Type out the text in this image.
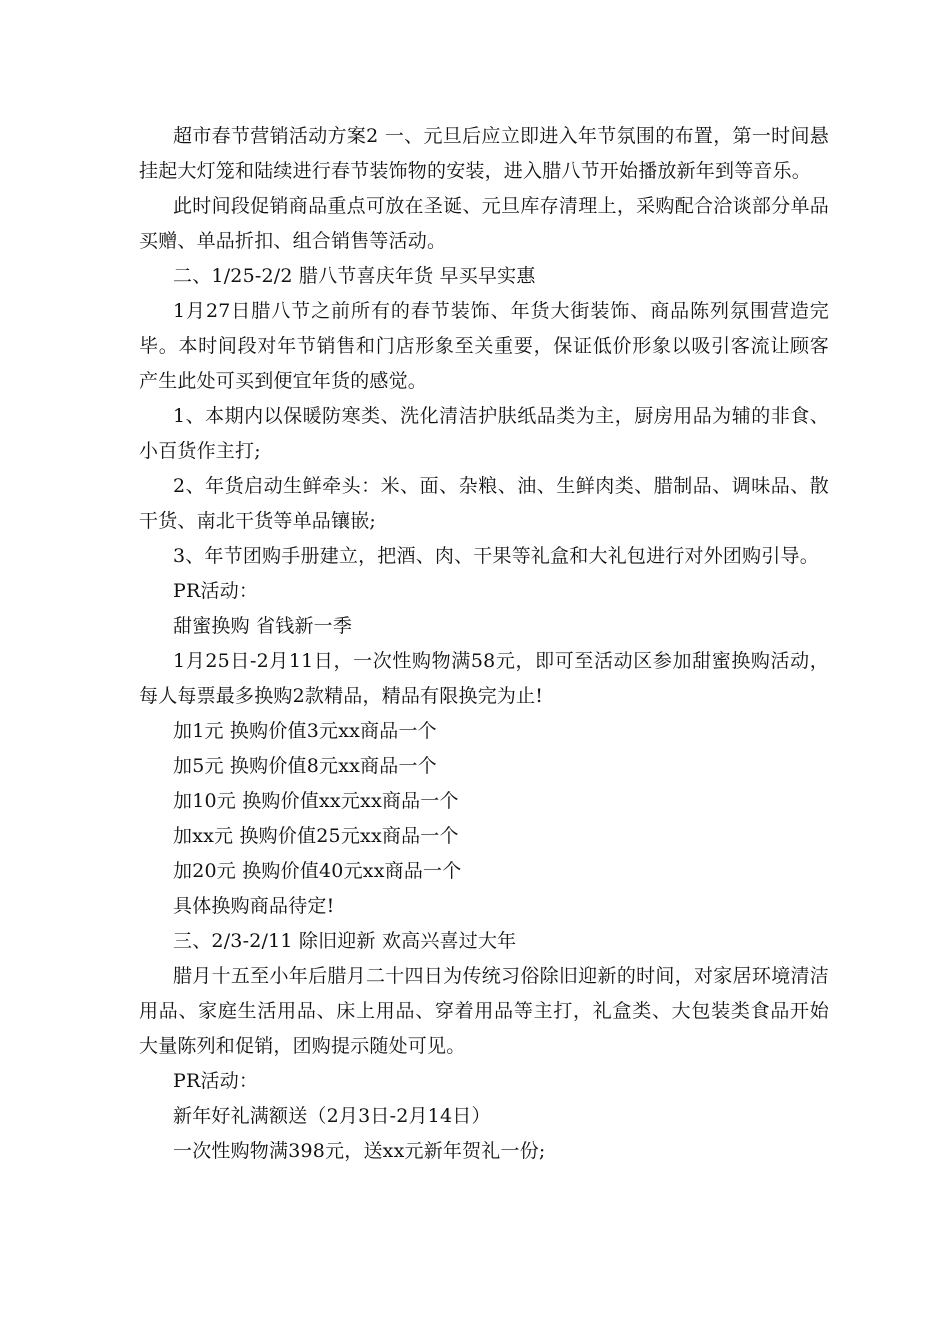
超市春节营销活动方案2 一、元旦后应立即进入年节氛围的布置，第一时间悬挂起大灯笼和陆续进行春节装饰物的安装，进入腊八节开始播放新年到等音乐。

此时间段促销商品重点可放在圣诞、元旦库存清理上，采购配合洽谈部分单品买赠、单品折扣、组合销售等活动。

二、1/25-2/2 腊八节喜庆年货 早买早实惠

1月27日腊八节之前所有的春节装饰、年货大街装饰、商品陈列氛围营造完毕。本时间段对年节销售和门店形象至关重要，保证低价形象以吸引客流让顾客产生此处可买到便宜年货的感觉。

1、本期内以保暖防寒类、洗化清洁护肤纸品类为主，厨房用品为辅的非食、小百货作主打;

2、年货启动生鲜牵头：米、面、杂粮、油、生鲜肉类、腊制品、调味品、散干货、南北干货等单品镶嵌;

3、年节团购手册建立，把酒、肉、干果等礼盒和大礼包进行对外团购引导。

PR活动：

甜蜜换购 省钱新一季

1月25日-2月11日，一次性购物满58元，即可至活动区参加甜蜜换购活动，每人每票最多换购2款精品，精品有限换完为止!

加1元 换购价值3元xx商品一个

加5元 换购价值8元xx商品一个

加10元 换购价值xx元xx商品一个

加xx元 换购价值25元xx商品一个

加20元 换购价值40元xx商品一个

具体换购商品待定!

三、2/3-2/11 除旧迎新 欢高兴喜过大年

腊月十五至小年后腊月二十四日为传统习俗除旧迎新的时间，对家居环境清洁用品、家庭生活用品、床上用品、穿着用品等主打，礼盒类、大包装类食品开始大量陈列和促销，团购提示随处可见。

PR活动：

新年好礼满额送（2月3日-2月14日）

一次性购物满398元，送xx元新年贺礼一份;
